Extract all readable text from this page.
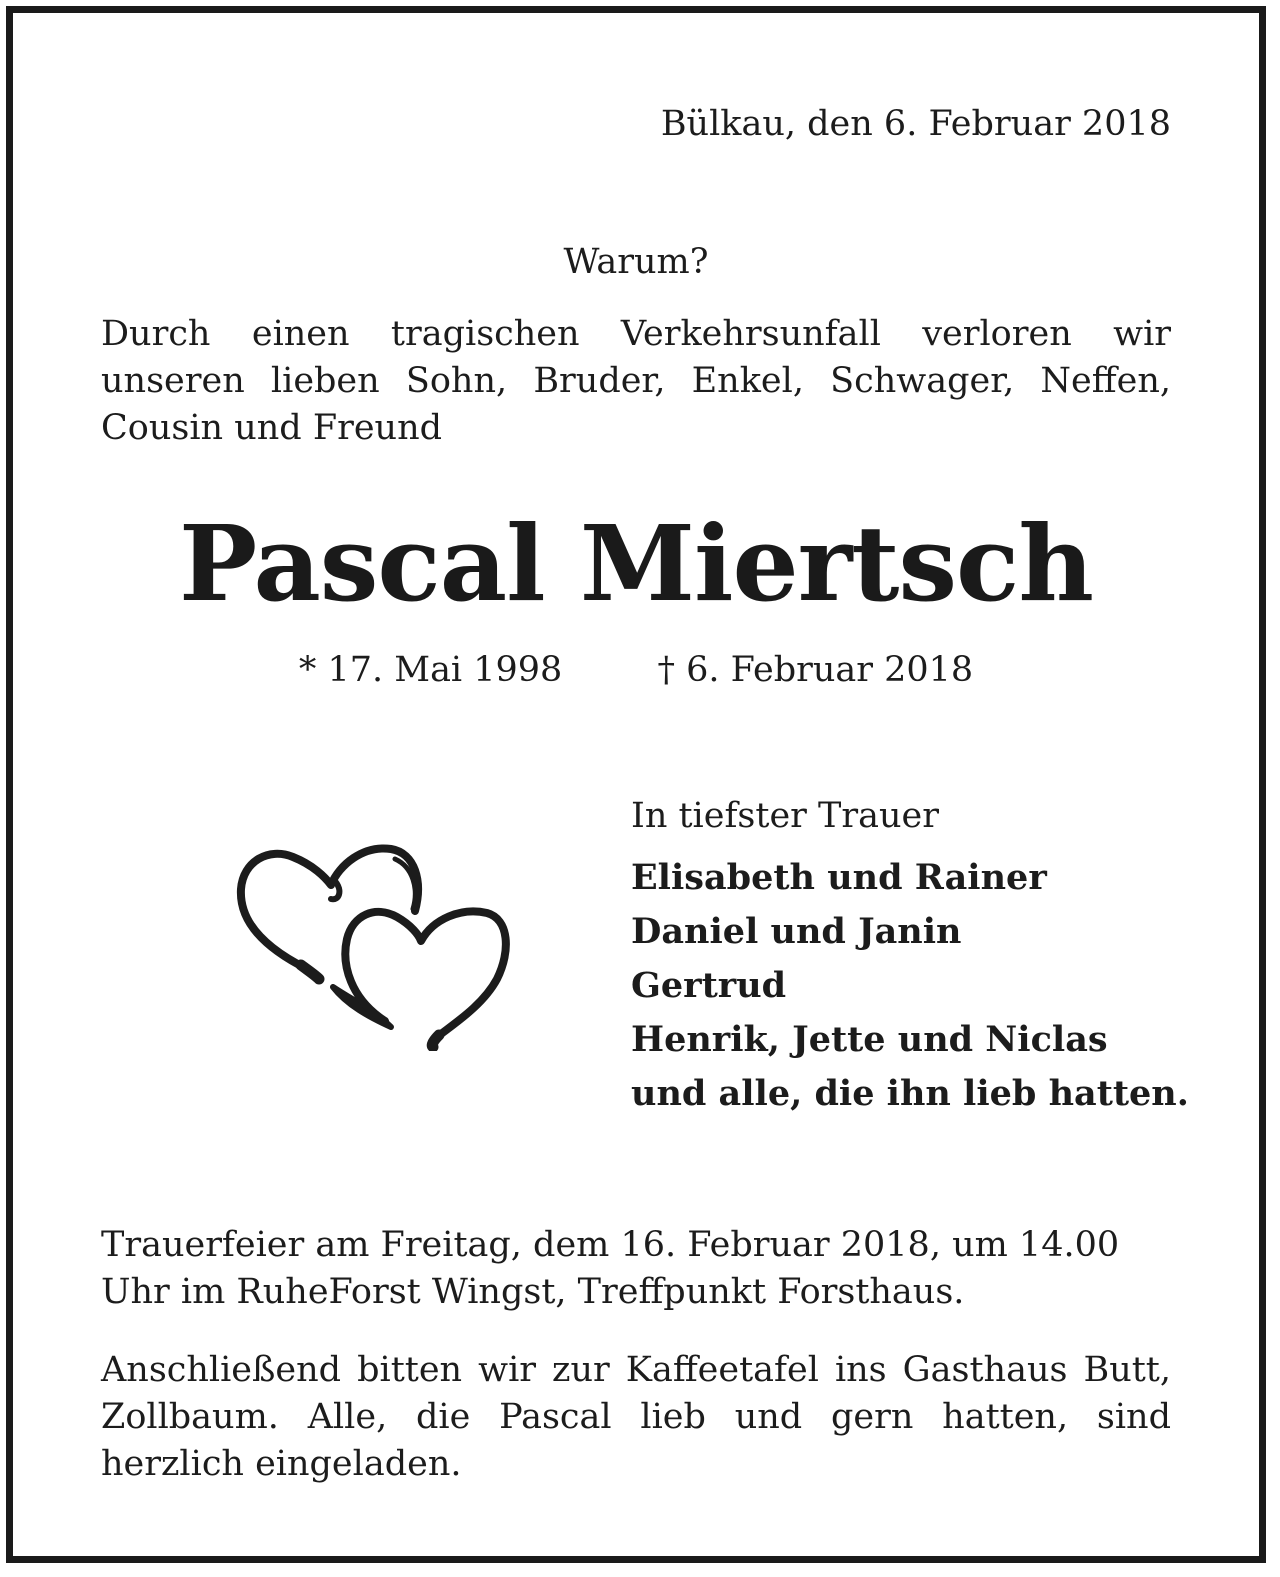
Bülkau, den 6. Februar 2018

Warum?

Durch einen tragischen Verkehrsunfall verloren wir unseren lieben Sohn, Bruder, Enkel, Schwager, Neffen, Cousin und Freund

Pascal Miertsch

* 17. Mai 1998	† 6. Februar 2018

In tiefster Trauer

Elisabeth und Rainer
Daniel und Janin
Gertrud
Henrik, Jette und Niclas
und alle, die ihn lieb hatten.

Trauerfeier am Freitag, dem 16. Februar 2018, um 14.00 Uhr im RuheForst Wingst, Treffpunkt Forsthaus.

Anschließend bitten wir zur Kaffeetafel ins Gasthaus Butt, Zollbaum. Alle, die Pascal lieb und gern hatten, sind herzlich eingeladen.
